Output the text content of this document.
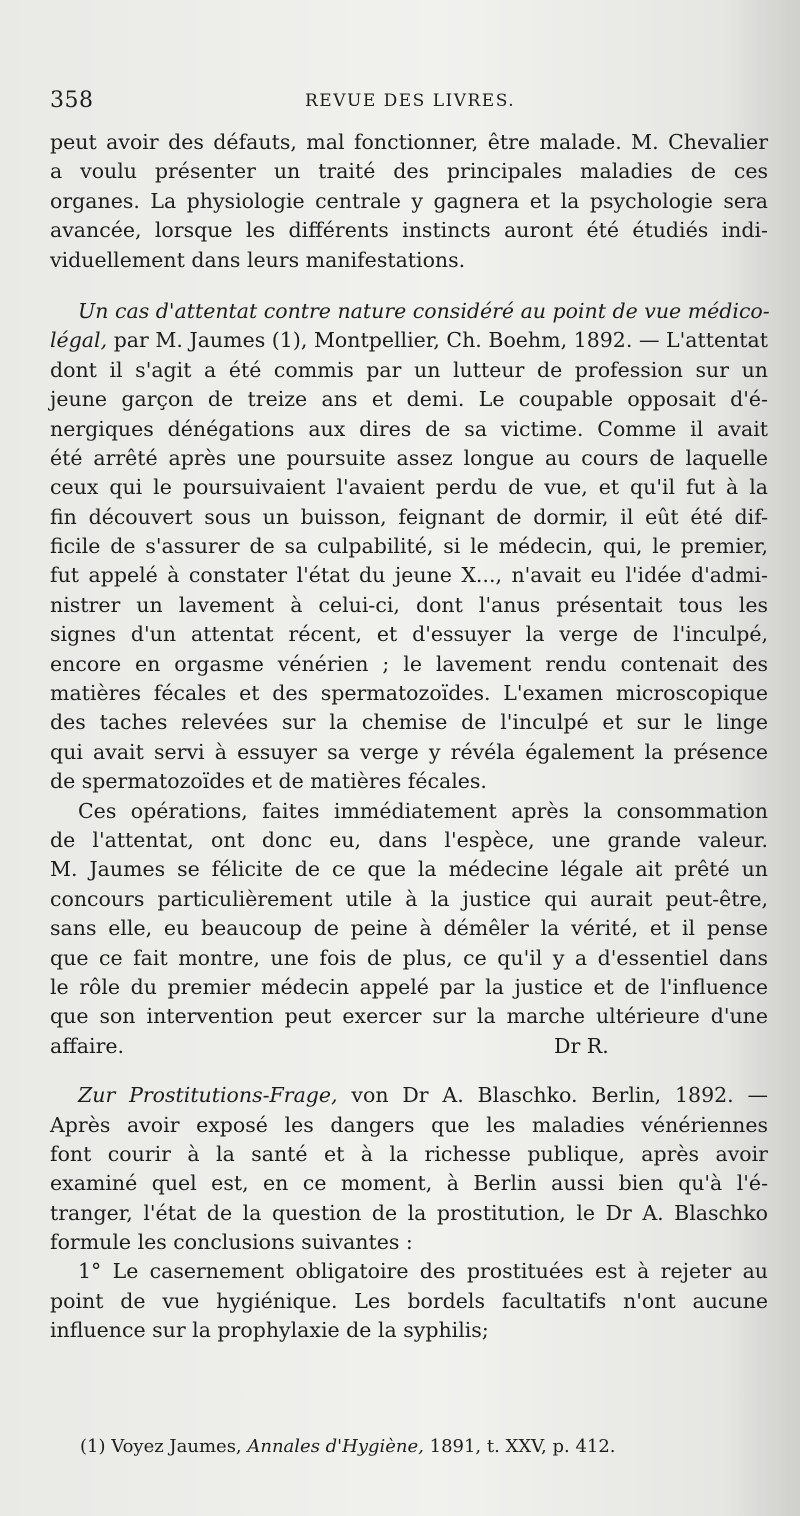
358	REVUE DES LIVRES.
peut avoir des défauts, mal fonctionner, être malade. M. Chevalier
a voulu présenter un traité des principales maladies de ces
organes. La physiologie centrale y gagnera et la psychologie sera
avancée, lorsque les différents instincts auront été étudiés indi-
viduellement dans leurs manifestations.
Un cas d'attentat contre nature considéré au point de vue médico-
légal, par M. Jaumes (1), Montpellier, Ch. Boehm, 1892. — L'attentat
dont il s'agit a été commis par un lutteur de profession sur un
jeune garçon de treize ans et demi. Le coupable opposait d'é-
nergiques dénégations aux dires de sa victime. Comme il avait
été arrêté après une poursuite assez longue au cours de laquelle
ceux qui le poursuivaient l'avaient perdu de vue, et qu'il fut à la
fin découvert sous un buisson, feignant de dormir, il eût été dif-
ficile de s'assurer de sa culpabilité, si le médecin, qui, le premier,
fut appelé à constater l'état du jeune X..., n'avait eu l'idée d'admi-
nistrer un lavement à celui-ci, dont l'anus présentait tous les
signes d'un attentat récent, et d'essuyer la verge de l'inculpé,
encore en orgasme vénérien ; le lavement rendu contenait des
matières fécales et des spermatozoïdes. L'examen microscopique
des taches relevées sur la chemise de l'inculpé et sur le linge
qui avait servi à essuyer sa verge y révéla également la présence
de spermatozoïdes et de matières fécales.
Ces opérations, faites immédiatement après la consommation
de l'attentat, ont donc eu, dans l'espèce, une grande valeur.
M. Jaumes se félicite de ce que la médecine légale ait prêté un
concours particulièrement utile à la justice qui aurait peut-être,
sans elle, eu beaucoup de peine à démêler la vérité, et il pense
que ce fait montre, une fois de plus, ce qu'il y a d'essentiel dans
le rôle du premier médecin appelé par la justice et de l'influence
que son intervention peut exercer sur la marche ultérieure d'une
affaire.	Dr R.
Zur Prostitutions-Frage, von Dr A. Blaschko. Berlin, 1892. —
Après avoir exposé les dangers que les maladies vénériennes
font courir à la santé et à la richesse publique, après avoir
examiné quel est, en ce moment, à Berlin aussi bien qu'à l'é-
tranger, l'état de la question de la prostitution, le Dr A. Blaschko
formule les conclusions suivantes :
1° Le casernement obligatoire des prostituées est à rejeter au
point de vue hygiénique. Les bordels facultatifs n'ont aucune
influence sur la prophylaxie de la syphilis;
(1) Voyez Jaumes, Annales d'Hygiène, 1891, t. XXV, p. 412.
